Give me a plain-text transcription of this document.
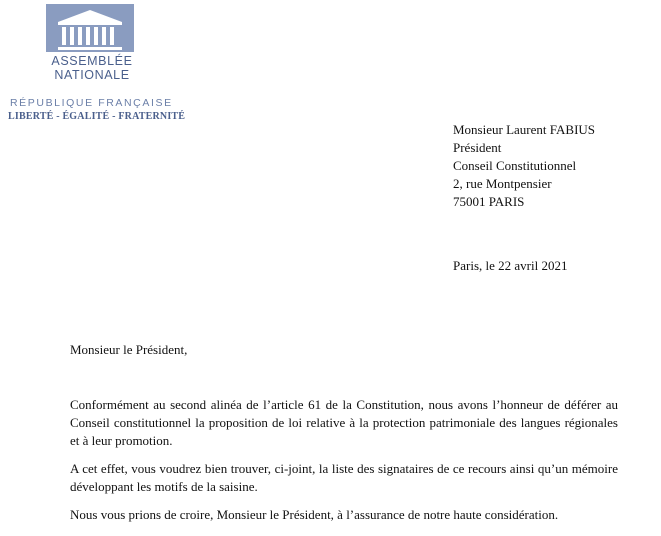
ASSEMBLÉE
NATIONALE
RÉPUBLIQUE FRANÇAISE
LIBERTÉ - ÉGALITÉ - FRATERNITÉ
Monsieur Laurent FABIUS
Président
Conseil Constitutionnel
2, rue Montpensier
75001 PARIS
Paris, le 22 avril 2021
Monsieur le Président,
Conformément au second alinéa de l’article 61 de la Constitution, nous avons l’honneur de déférer au Conseil constitutionnel la proposition de loi relative à la protection patrimoniale des langues régionales et à leur promotion.
A cet effet, vous voudrez bien trouver, ci-joint, la liste des signataires de ce recours ainsi qu’un mémoire développant les motifs de la saisine.
Nous vous prions de croire, Monsieur le Président, à l’assurance de notre haute considération.
